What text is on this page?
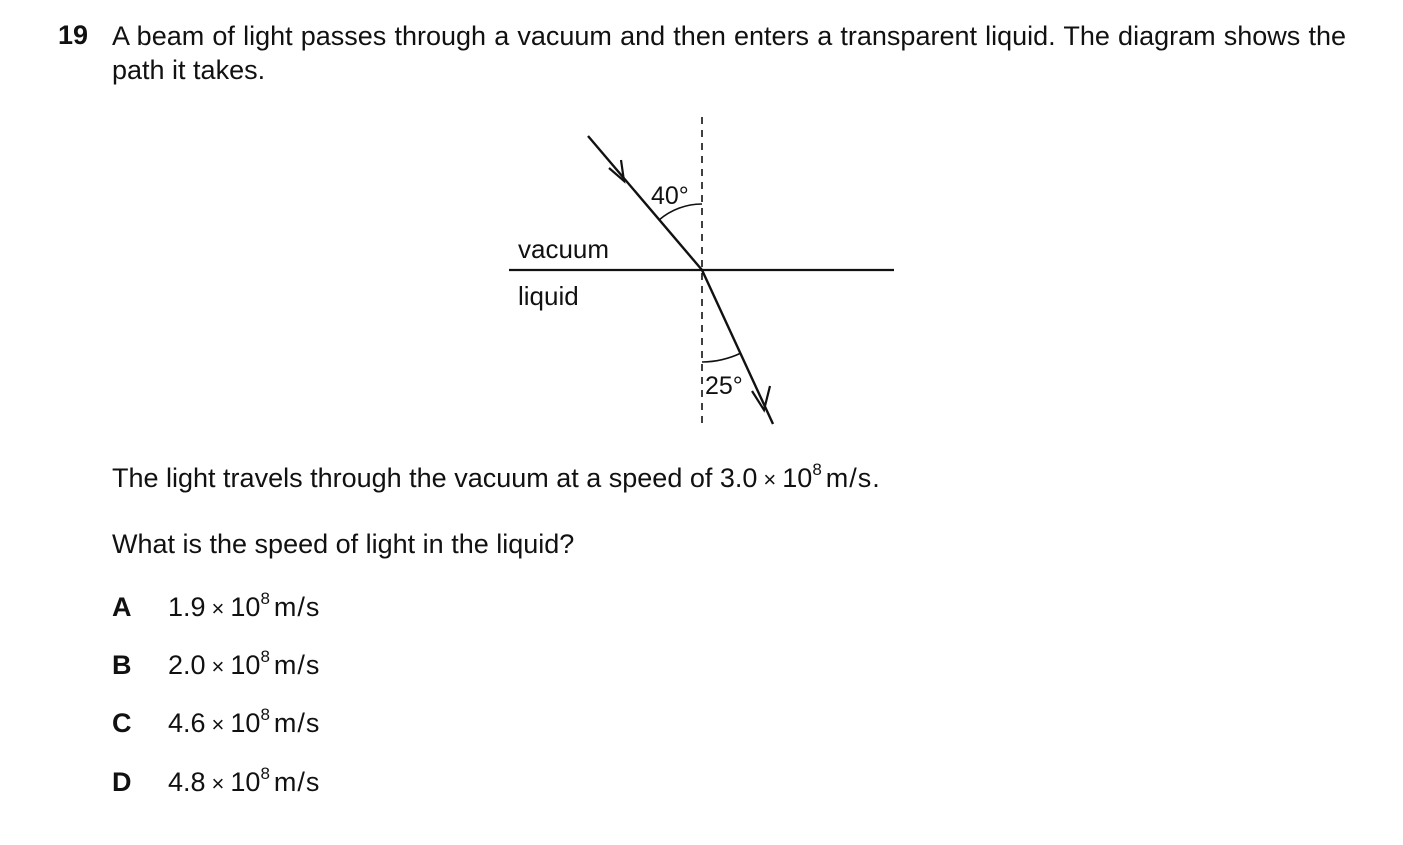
19 A beam of light passes through a vacuum and then enters a transparent liquid. The diagram shows the path it takes.
vacuum
liquid
40°
25°
The light travels through the vacuum at a speed of $3.0 \times 10^8$ m/s.
What is the speed of light in the liquid?
A $1.9 \times 10^8$ m/s
B $2.0 \times 10^8$ m/s
C $4.6 \times 10^8$ m/s
D $4.8 \times 10^8$ m/s
